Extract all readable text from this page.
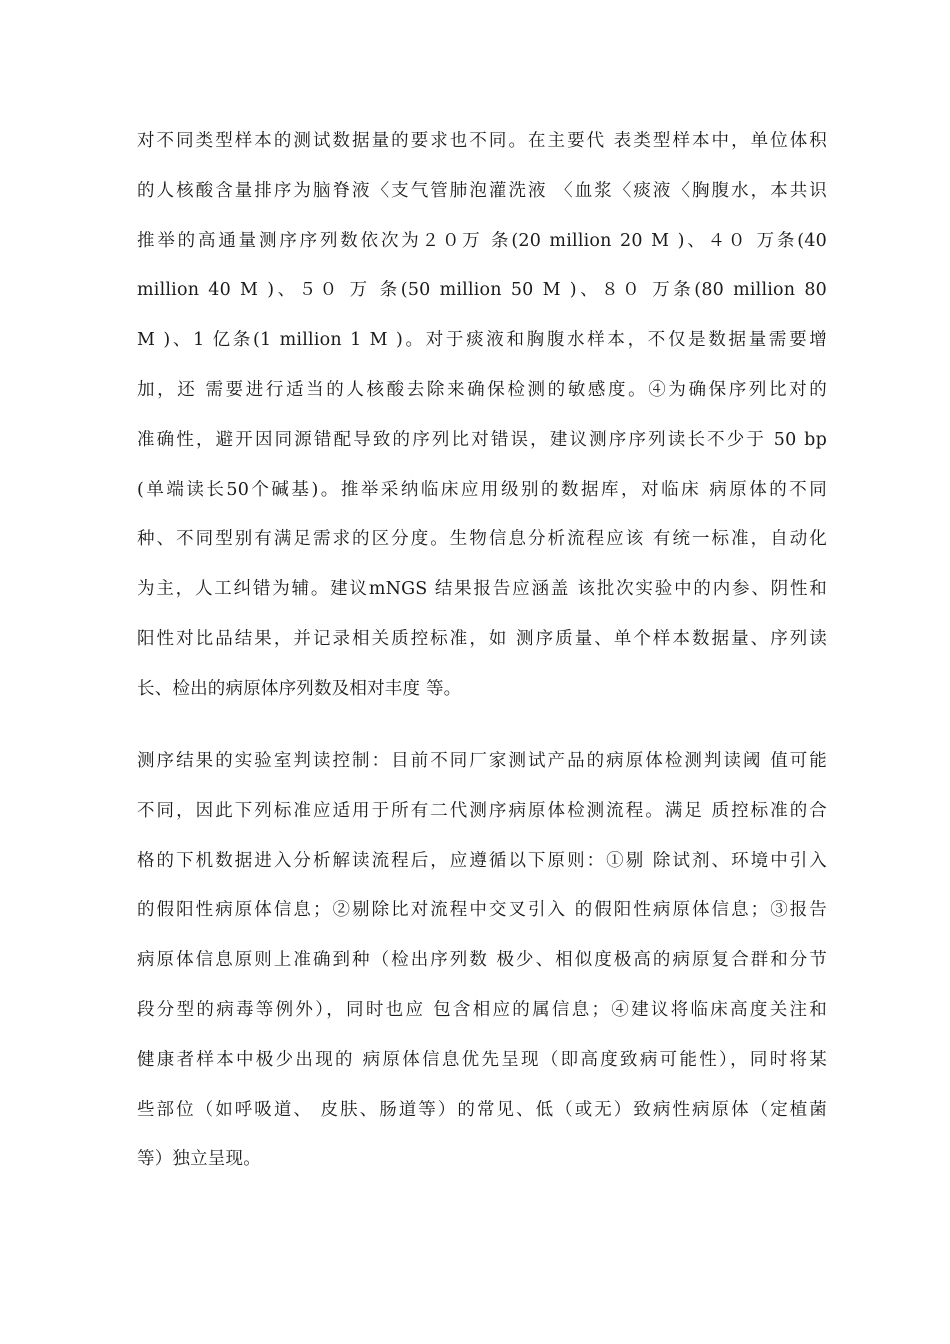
对不同类型样本的测试数据量的要求也不同。在主要代 表类型样本中，单位体积
的人核酸含量排序为脑脊液〈支气管肺泡灌洗液 〈血浆〈痰液〈胸腹水，本共识
推举的高通量测序序列数依次为２０万 条(20 million 20 M )、４０ 万条(40
million 40 M )、５０ 万 条(50 million 50 M )、８０ 万条(80 million 80
M )、1 亿条(1 million 1 M )。对于痰液和胸腹水样本，不仅是数据量需要增
加，还 需要进行适当的人核酸去除来确保检测的敏感度。④为确保序列比对的
准确性，避开因同源错配导致的序列比对错误，建议测序序列读长不少于 50 bp
(单端读长50个碱基)。推举采纳临床应用级别的数据库，对临床 病原体的不同
种、不同型别有满足需求的区分度。生物信息分析流程应该 有统一标准，自动化
为主，人工纠错为辅。建议mNGS 结果报告应涵盖 该批次实验中的内参、阴性和
阳性对比品结果，并记录相关质控标准，如 测序质量、单个样本数据量、序列读
长、检出的病原体序列数及相对丰度 等。
测序结果的实验室判读控制：目前不同厂家测试产品的病原体检测判读阈 值可能
不同，因此下列标准应适用于所有二代测序病原体检测流程。满足 质控标准的合
格的下机数据进入分析解读流程后，应遵循以下原则：①剔 除试剂、环境中引入
的假阳性病原体信息；②剔除比对流程中交叉引入 的假阳性病原体信息；③报告
病原体信息原则上准确到种（检出序列数 极少、相似度极高的病原复合群和分节
段分型的病毒等例外），同时也应 包含相应的属信息；④建议将临床高度关注和
健康者样本中极少出现的 病原体信息优先呈现（即高度致病可能性），同时将某
些部位（如呼吸道、 皮肤、肠道等）的常见、低（或无）致病性病原体（定植菌
等）独立呈现。
